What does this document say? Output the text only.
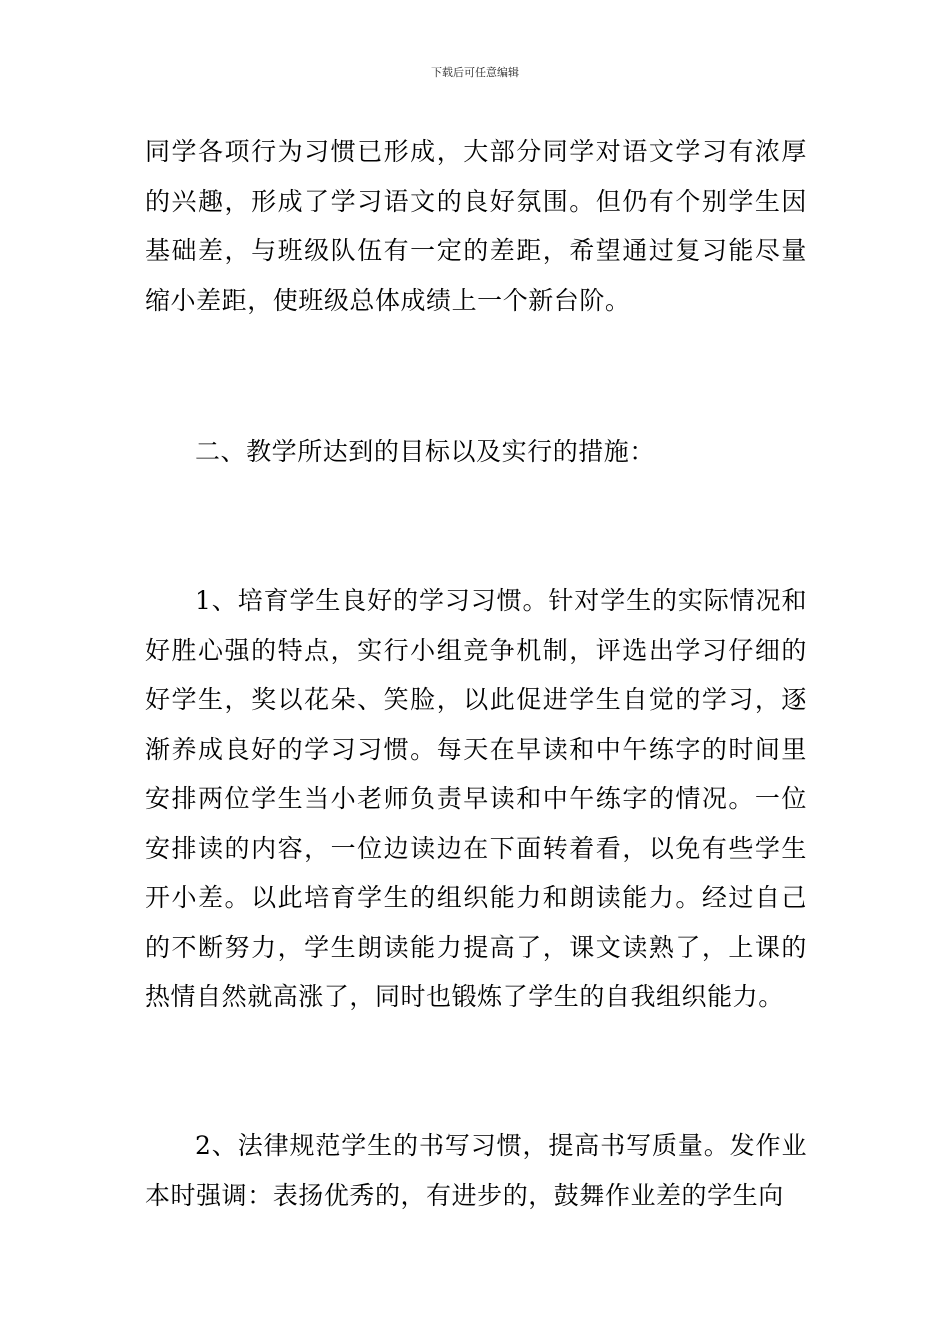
下载后可任意编辑

同学各项行为习惯已形成，大部分同学对语文学习有浓厚的兴趣，形成了学习语文的良好氛围。但仍有个别学生因基础差，与班级队伍有一定的差距，希望通过复习能尽量缩小差距，使班级总体成绩上一个新台阶。

二、教学所达到的目标以及实行的措施：

1、培育学生良好的学习习惯。针对学生的实际情况和好胜心强的特点，实行小组竞争机制，评选出学习仔细的好学生，奖以花朵、笑脸，以此促进学生自觉的学习，逐渐养成良好的学习习惯。每天在早读和中午练字的时间里安排两位学生当小老师负责早读和中午练字的情况。一位安排读的内容，一位边读边在下面转着看，以免有些学生开小差。以此培育学生的组织能力和朗读能力。经过自己的不断努力，学生朗读能力提高了，课文读熟了，上课的热情自然就高涨了，同时也锻炼了学生的自我组织能力。

2、法律规范学生的书写习惯，提高书写质量。发作业本时强调：表扬优秀的，有进步的，鼓舞作业差的学生向
